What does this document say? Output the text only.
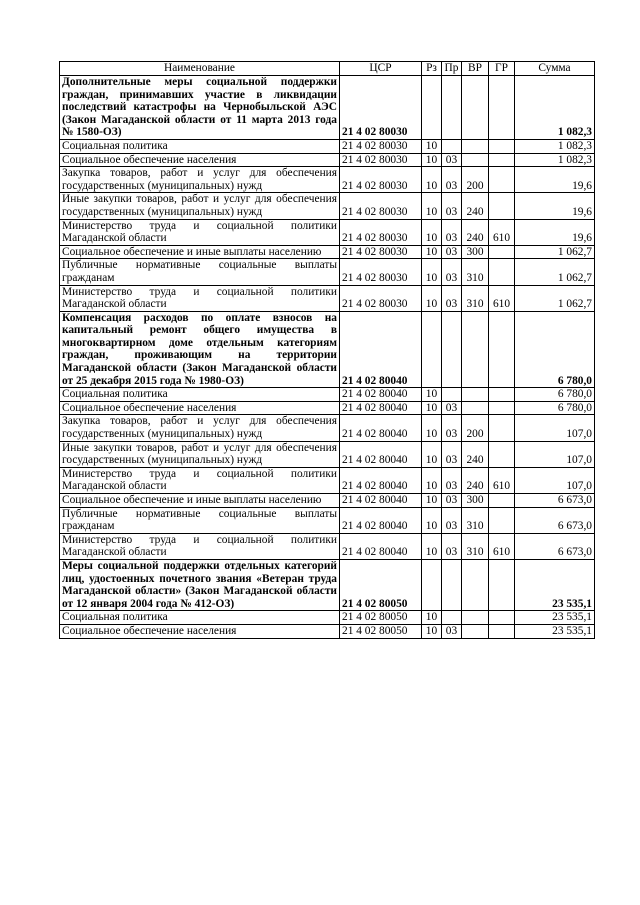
Наименование	ЦСР	Рз	Пр	ВР	ГР	Сумма
Дополнительные меры социальной поддержки граждан, принимавших участие в ликвидации последствий катастрофы на Чернобыльской АЭС (Закон Магаданской области от 11 марта 2013 года № 1580-ОЗ)	21 4 02 80030					1 082,3
Социальная политика	21 4 02 80030	10				1 082,3
Социальное обеспечение населения	21 4 02 80030	10	03			1 082,3
Закупка товаров, работ и услуг для обеспечения государственных (муниципальных) нужд	21 4 02 80030	10	03	200		19,6
Иные закупки товаров, работ и услуг для обеспечения государственных (муниципальных) нужд	21 4 02 80030	10	03	240		19,6
Министерство труда и социальной политики Магаданской области	21 4 02 80030	10	03	240	610	19,6
Социальное обеспечение и иные выплаты населению	21 4 02 80030	10	03	300		1 062,7
Публичные нормативные социальные выплаты гражданам	21 4 02 80030	10	03	310		1 062,7
Министерство труда и социальной политики Магаданской области	21 4 02 80030	10	03	310	610	1 062,7
Компенсация расходов по оплате взносов на капитальный ремонт общего имущества в многоквартирном доме отдельным категориям граждан, проживающим на территории Магаданской области (Закон Магаданской области от 25 декабря 2015 года № 1980-ОЗ)	21 4 02 80040					6 780,0
Социальная политика	21 4 02 80040	10				6 780,0
Социальное обеспечение населения	21 4 02 80040	10	03			6 780,0
Закупка товаров, работ и услуг для обеспечения государственных (муниципальных) нужд	21 4 02 80040	10	03	200		107,0
Иные закупки товаров, работ и услуг для обеспечения государственных (муниципальных) нужд	21 4 02 80040	10	03	240		107,0
Министерство труда и социальной политики Магаданской области	21 4 02 80040	10	03	240	610	107,0
Социальное обеспечение и иные выплаты населению	21 4 02 80040	10	03	300		6 673,0
Публичные нормативные социальные выплаты гражданам	21 4 02 80040	10	03	310		6 673,0
Министерство труда и социальной политики Магаданской области	21 4 02 80040	10	03	310	610	6 673,0
Меры социальной поддержки отдельных категорий лиц, удостоенных почетного звания «Ветеран труда Магаданской области» (Закон Магаданской области от 12 января 2004 года № 412-ОЗ)	21 4 02 80050					23 535,1
Социальная политика	21 4 02 80050	10				23 535,1
Социальное обеспечение населения	21 4 02 80050	10	03			23 535,1
